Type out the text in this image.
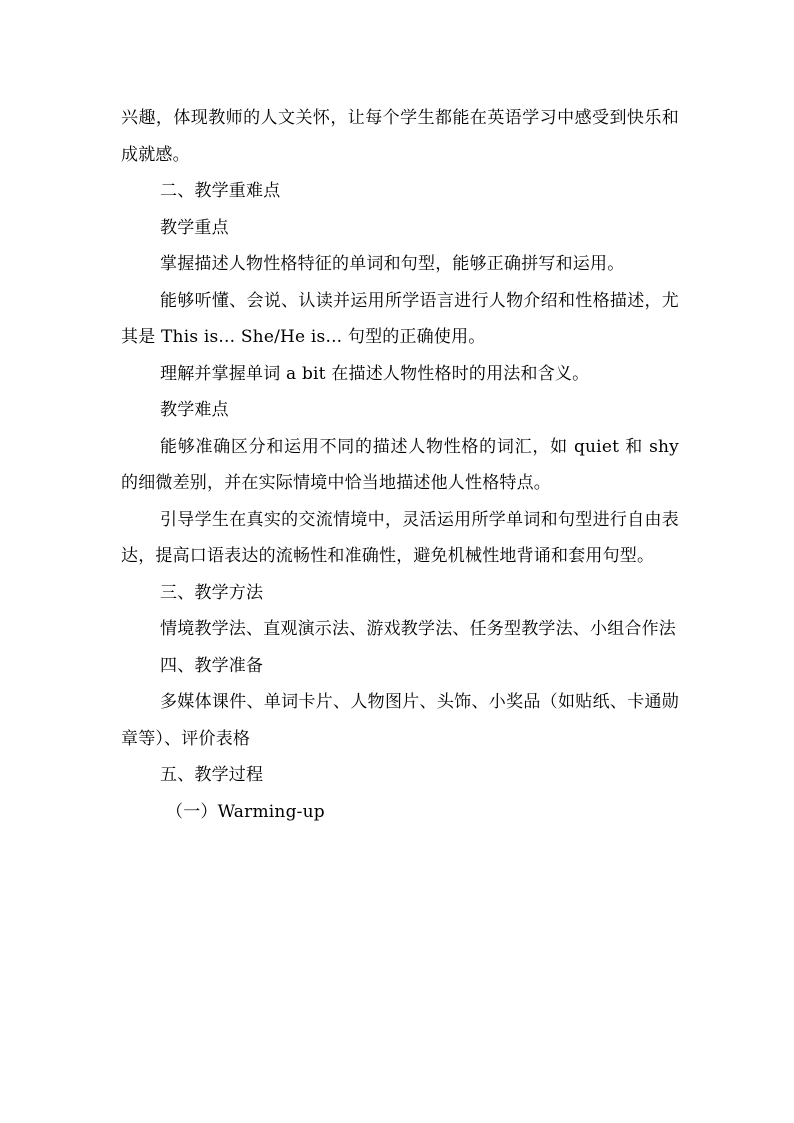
兴趣，体现教师的人文关怀，让每个学生都能在英语学习中感受到快乐和成就感。

二、教学重难点

教学重点

掌握描述人物性格特征的单词和句型，能够正确拼写和运用。

能够听懂、会说、认读并运用所学语言进行人物介绍和性格描述，尤其是 This is... She/He is... 句型的正确使用。

理解并掌握单词 a bit 在描述人物性格时的用法和含义。

教学难点

能够准确区分和运用不同的描述人物性格的词汇，如 quiet 和 shy 的细微差别，并在实际情境中恰当地描述他人性格特点。

引导学生在真实的交流情境中，灵活运用所学单词和句型进行自由表达，提高口语表达的流畅性和准确性，避免机械性地背诵和套用句型。

三、教学方法

情境教学法、直观演示法、游戏教学法、任务型教学法、小组合作法

四、教学准备

多媒体课件、单词卡片、人物图片、头饰、小奖品（如贴纸、卡通勋章等）、评价表格

五、教学过程

（一）Warming-up
